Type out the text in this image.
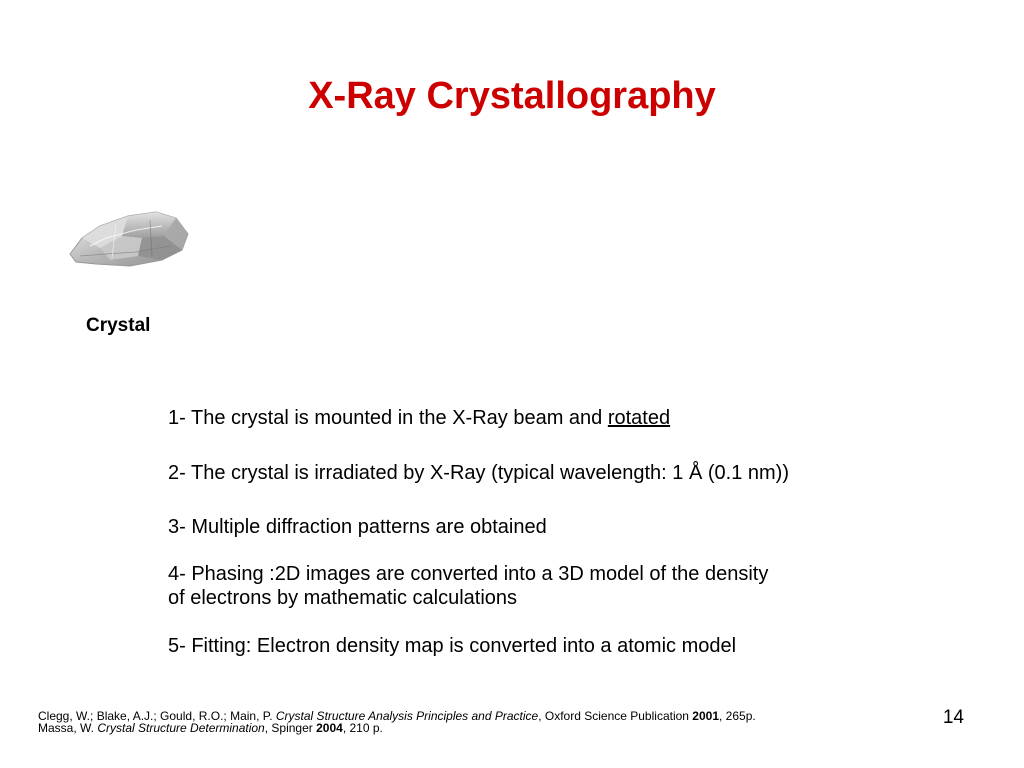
X-Ray Crystallography
Crystal
1- The crystal is mounted in the X-Ray beam and rotated
2- The crystal is irradiated by X-Ray (typical wavelength: 1 Å (0.1 nm))
3- Multiple diffraction patterns are obtained
4- Phasing :2D images are converted into a 3D model of the density
of electrons by mathematic calculations
5- Fitting: Electron density map is converted into a atomic model
Clegg, W.; Blake, A.J.; Gould, R.O.; Main, P. Crystal Structure Analysis Principles and Practice, Oxford Science Publication 2001, 265p.
Massa, W. Crystal Structure Determination, Spinger 2004, 210 p.	14
